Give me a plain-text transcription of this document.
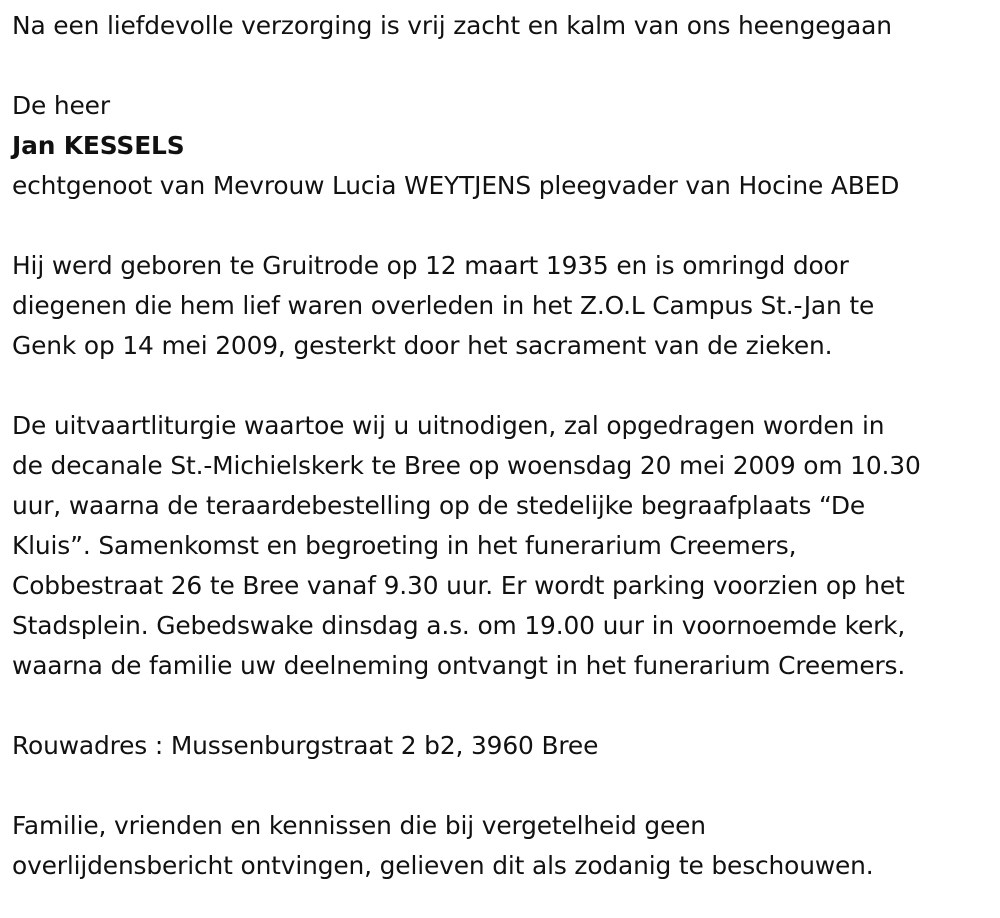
Na een liefdevolle verzorging is vrij zacht en kalm van ons heengegaan
De heer
Jan KESSELS
echtgenoot van Mevrouw Lucia WEYTJENS pleegvader van Hocine ABED
Hij werd geboren te Gruitrode op 12 maart 1935 en is omringd door
diegenen die hem lief waren overleden in het Z.O.L Campus St.-Jan te
Genk op 14 mei 2009, gesterkt door het sacrament van de zieken.
De uitvaartliturgie waartoe wij u uitnodigen, zal opgedragen worden in
de decanale St.-Michielskerk te Bree op woensdag 20 mei 2009 om 10.30
uur, waarna de teraardebestelling op de stedelijke begraafplaats “De
Kluis”. Samenkomst en begroeting in het funerarium Creemers,
Cobbestraat 26 te Bree vanaf 9.30 uur. Er wordt parking voorzien op het
Stadsplein. Gebedswake dinsdag a.s. om 19.00 uur in voornoemde kerk,
waarna de familie uw deelneming ontvangt in het funerarium Creemers.
Rouwadres : Mussenburgstraat 2 b2, 3960 Bree
Familie, vrienden en kennissen die bij vergetelheid geen
overlijdensbericht ontvingen, gelieven dit als zodanig te beschouwen.
